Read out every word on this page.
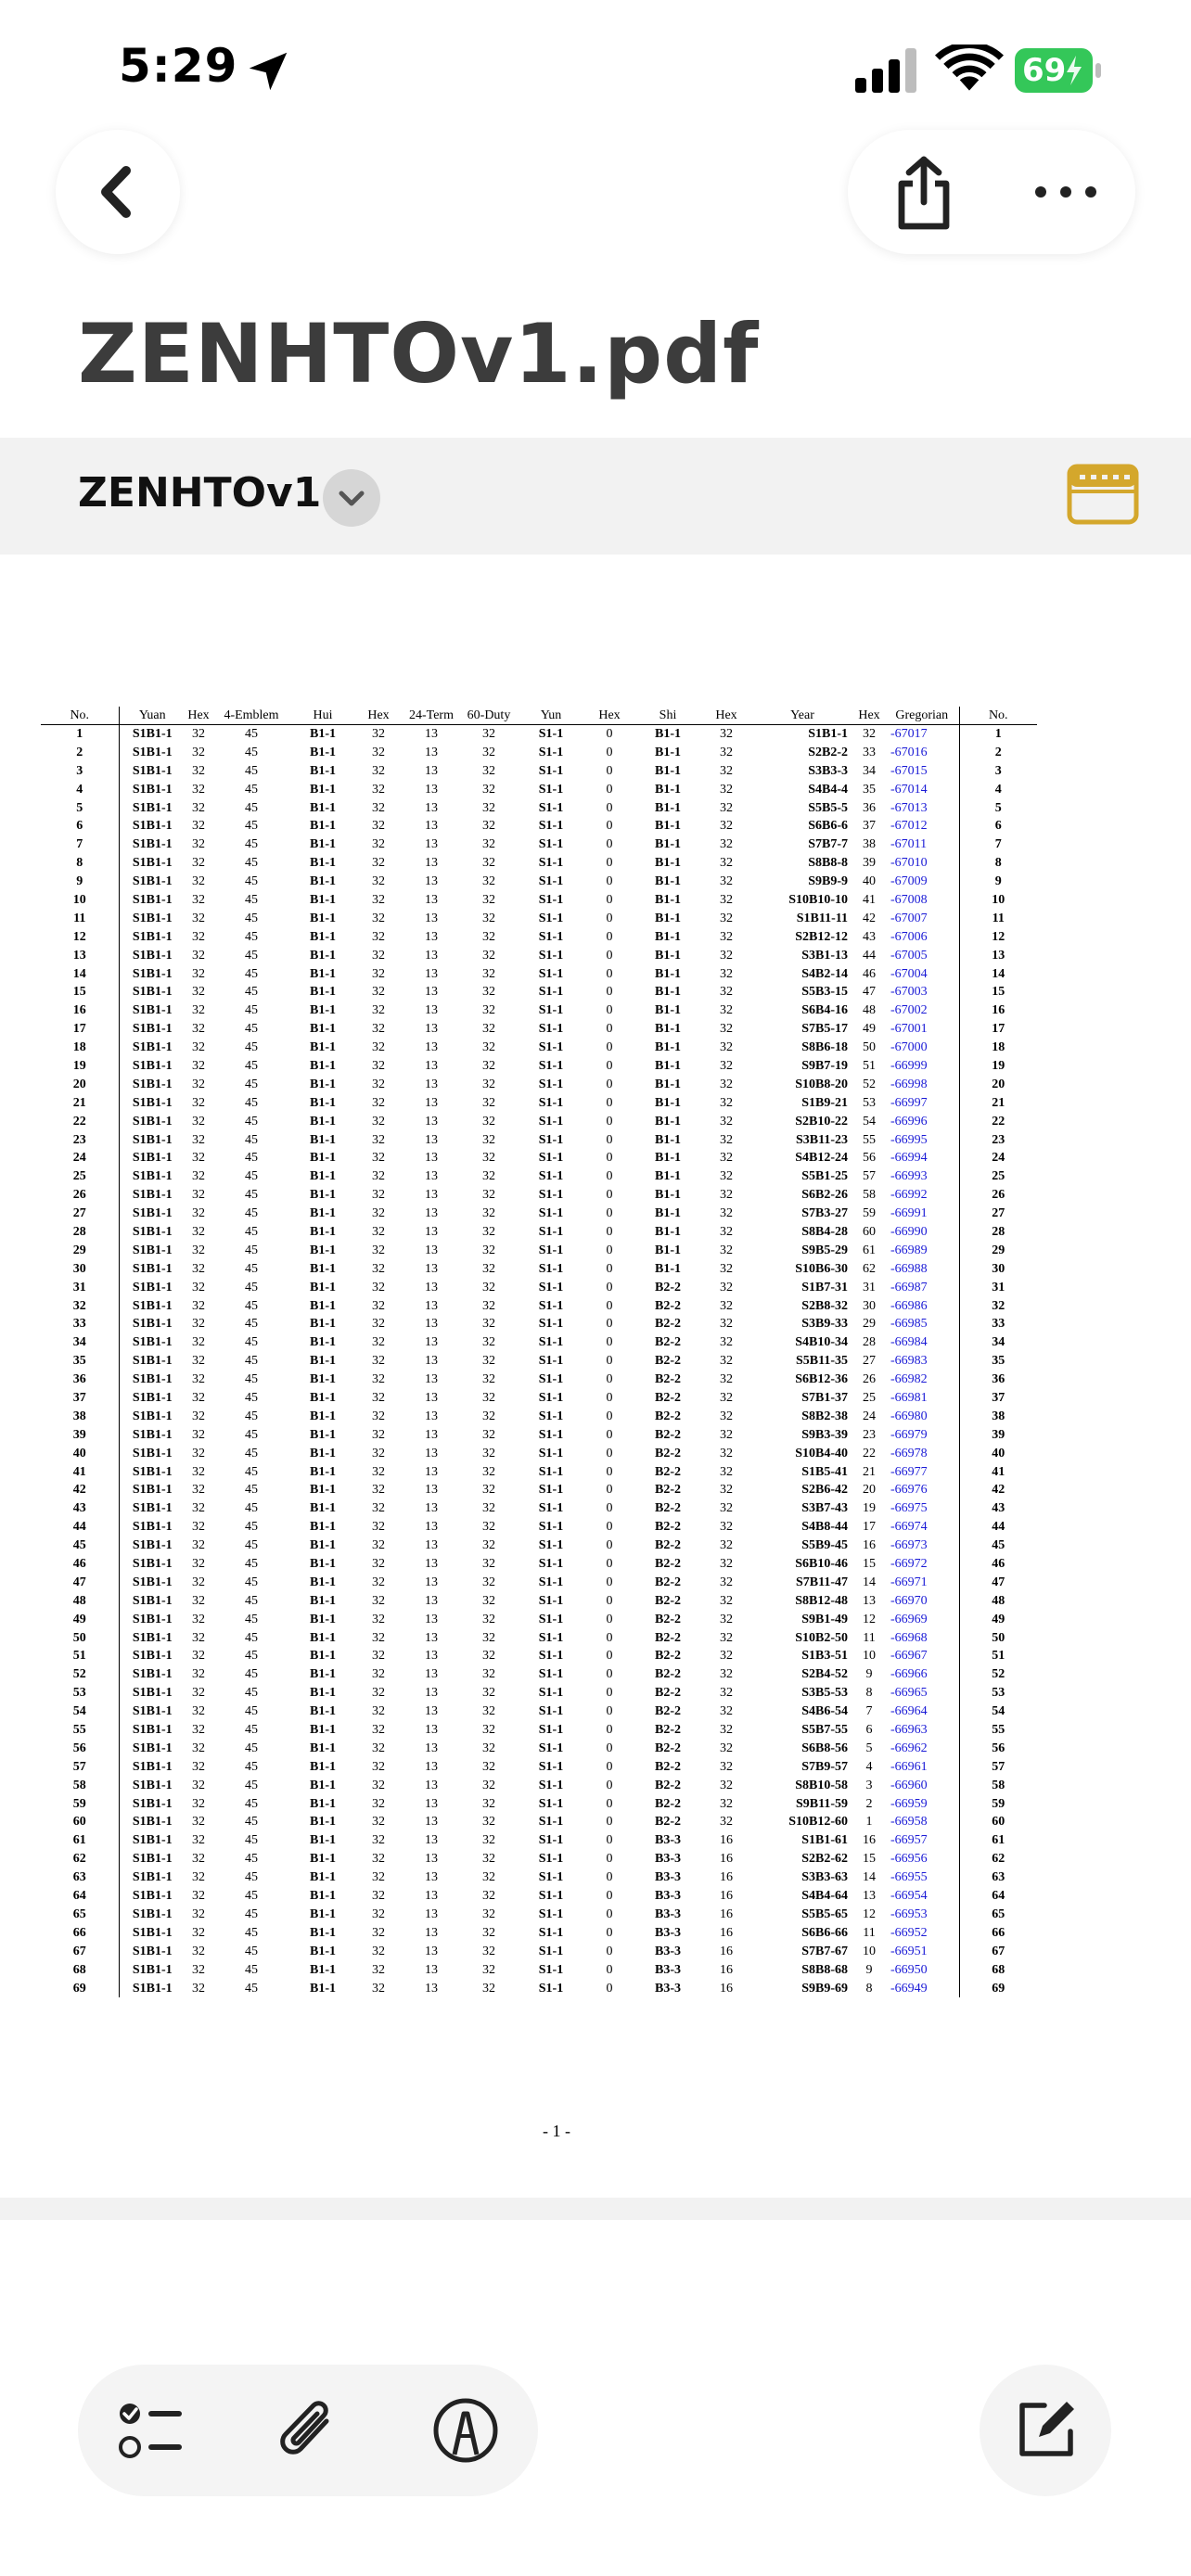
5:29	69
ZENHTOv1.pdf
ZENHTOv1
No.	Yuan	Hex	4-Emblem	Hui	Hex	24-Term	60-Duty	Yun	Hex	Shi	Hex	Year	Hex	Gregorian	No.
1	S1B1-1	32	45	B1-1	32	13	32	S1-1	0	B1-1	32	S1B1-1	32	-67017	1
2	S1B1-1	32	45	B1-1	32	13	32	S1-1	0	B1-1	32	S2B2-2	33	-67016	2
3	S1B1-1	32	45	B1-1	32	13	32	S1-1	0	B1-1	32	S3B3-3	34	-67015	3
4	S1B1-1	32	45	B1-1	32	13	32	S1-1	0	B1-1	32	S4B4-4	35	-67014	4
5	S1B1-1	32	45	B1-1	32	13	32	S1-1	0	B1-1	32	S5B5-5	36	-67013	5
6	S1B1-1	32	45	B1-1	32	13	32	S1-1	0	B1-1	32	S6B6-6	37	-67012	6
7	S1B1-1	32	45	B1-1	32	13	32	S1-1	0	B1-1	32	S7B7-7	38	-67011	7
8	S1B1-1	32	45	B1-1	32	13	32	S1-1	0	B1-1	32	S8B8-8	39	-67010	8
9	S1B1-1	32	45	B1-1	32	13	32	S1-1	0	B1-1	32	S9B9-9	40	-67009	9
10	S1B1-1	32	45	B1-1	32	13	32	S1-1	0	B1-1	32	S10B10-10	41	-67008	10
11	S1B1-1	32	45	B1-1	32	13	32	S1-1	0	B1-1	32	S1B11-11	42	-67007	11
12	S1B1-1	32	45	B1-1	32	13	32	S1-1	0	B1-1	32	S2B12-12	43	-67006	12
13	S1B1-1	32	45	B1-1	32	13	32	S1-1	0	B1-1	32	S3B1-13	44	-67005	13
14	S1B1-1	32	45	B1-1	32	13	32	S1-1	0	B1-1	32	S4B2-14	46	-67004	14
15	S1B1-1	32	45	B1-1	32	13	32	S1-1	0	B1-1	32	S5B3-15	47	-67003	15
16	S1B1-1	32	45	B1-1	32	13	32	S1-1	0	B1-1	32	S6B4-16	48	-67002	16
17	S1B1-1	32	45	B1-1	32	13	32	S1-1	0	B1-1	32	S7B5-17	49	-67001	17
18	S1B1-1	32	45	B1-1	32	13	32	S1-1	0	B1-1	32	S8B6-18	50	-67000	18
19	S1B1-1	32	45	B1-1	32	13	32	S1-1	0	B1-1	32	S9B7-19	51	-66999	19
20	S1B1-1	32	45	B1-1	32	13	32	S1-1	0	B1-1	32	S10B8-20	52	-66998	20
21	S1B1-1	32	45	B1-1	32	13	32	S1-1	0	B1-1	32	S1B9-21	53	-66997	21
22	S1B1-1	32	45	B1-1	32	13	32	S1-1	0	B1-1	32	S2B10-22	54	-66996	22
23	S1B1-1	32	45	B1-1	32	13	32	S1-1	0	B1-1	32	S3B11-23	55	-66995	23
24	S1B1-1	32	45	B1-1	32	13	32	S1-1	0	B1-1	32	S4B12-24	56	-66994	24
25	S1B1-1	32	45	B1-1	32	13	32	S1-1	0	B1-1	32	S5B1-25	57	-66993	25
26	S1B1-1	32	45	B1-1	32	13	32	S1-1	0	B1-1	32	S6B2-26	58	-66992	26
27	S1B1-1	32	45	B1-1	32	13	32	S1-1	0	B1-1	32	S7B3-27	59	-66991	27
28	S1B1-1	32	45	B1-1	32	13	32	S1-1	0	B1-1	32	S8B4-28	60	-66990	28
29	S1B1-1	32	45	B1-1	32	13	32	S1-1	0	B1-1	32	S9B5-29	61	-66989	29
30	S1B1-1	32	45	B1-1	32	13	32	S1-1	0	B1-1	32	S10B6-30	62	-66988	30
31	S1B1-1	32	45	B1-1	32	13	32	S1-1	0	B2-2	32	S1B7-31	31	-66987	31
32	S1B1-1	32	45	B1-1	32	13	32	S1-1	0	B2-2	32	S2B8-32	30	-66986	32
33	S1B1-1	32	45	B1-1	32	13	32	S1-1	0	B2-2	32	S3B9-33	29	-66985	33
34	S1B1-1	32	45	B1-1	32	13	32	S1-1	0	B2-2	32	S4B10-34	28	-66984	34
35	S1B1-1	32	45	B1-1	32	13	32	S1-1	0	B2-2	32	S5B11-35	27	-66983	35
36	S1B1-1	32	45	B1-1	32	13	32	S1-1	0	B2-2	32	S6B12-36	26	-66982	36
37	S1B1-1	32	45	B1-1	32	13	32	S1-1	0	B2-2	32	S7B1-37	25	-66981	37
38	S1B1-1	32	45	B1-1	32	13	32	S1-1	0	B2-2	32	S8B2-38	24	-66980	38
39	S1B1-1	32	45	B1-1	32	13	32	S1-1	0	B2-2	32	S9B3-39	23	-66979	39
40	S1B1-1	32	45	B1-1	32	13	32	S1-1	0	B2-2	32	S10B4-40	22	-66978	40
41	S1B1-1	32	45	B1-1	32	13	32	S1-1	0	B2-2	32	S1B5-41	21	-66977	41
42	S1B1-1	32	45	B1-1	32	13	32	S1-1	0	B2-2	32	S2B6-42	20	-66976	42
43	S1B1-1	32	45	B1-1	32	13	32	S1-1	0	B2-2	32	S3B7-43	19	-66975	43
44	S1B1-1	32	45	B1-1	32	13	32	S1-1	0	B2-2	32	S4B8-44	17	-66974	44
45	S1B1-1	32	45	B1-1	32	13	32	S1-1	0	B2-2	32	S5B9-45	16	-66973	45
46	S1B1-1	32	45	B1-1	32	13	32	S1-1	0	B2-2	32	S6B10-46	15	-66972	46
47	S1B1-1	32	45	B1-1	32	13	32	S1-1	0	B2-2	32	S7B11-47	14	-66971	47
48	S1B1-1	32	45	B1-1	32	13	32	S1-1	0	B2-2	32	S8B12-48	13	-66970	48
49	S1B1-1	32	45	B1-1	32	13	32	S1-1	0	B2-2	32	S9B1-49	12	-66969	49
50	S1B1-1	32	45	B1-1	32	13	32	S1-1	0	B2-2	32	S10B2-50	11	-66968	50
51	S1B1-1	32	45	B1-1	32	13	32	S1-1	0	B2-2	32	S1B3-51	10	-66967	51
52	S1B1-1	32	45	B1-1	32	13	32	S1-1	0	B2-2	32	S2B4-52	9	-66966	52
53	S1B1-1	32	45	B1-1	32	13	32	S1-1	0	B2-2	32	S3B5-53	8	-66965	53
54	S1B1-1	32	45	B1-1	32	13	32	S1-1	0	B2-2	32	S4B6-54	7	-66964	54
55	S1B1-1	32	45	B1-1	32	13	32	S1-1	0	B2-2	32	S5B7-55	6	-66963	55
56	S1B1-1	32	45	B1-1	32	13	32	S1-1	0	B2-2	32	S6B8-56	5	-66962	56
57	S1B1-1	32	45	B1-1	32	13	32	S1-1	0	B2-2	32	S7B9-57	4	-66961	57
58	S1B1-1	32	45	B1-1	32	13	32	S1-1	0	B2-2	32	S8B10-58	3	-66960	58
59	S1B1-1	32	45	B1-1	32	13	32	S1-1	0	B2-2	32	S9B11-59	2	-66959	59
60	S1B1-1	32	45	B1-1	32	13	32	S1-1	0	B2-2	32	S10B12-60	1	-66958	60
61	S1B1-1	32	45	B1-1	32	13	32	S1-1	0	B3-3	16	S1B1-61	16	-66957	61
62	S1B1-1	32	45	B1-1	32	13	32	S1-1	0	B3-3	16	S2B2-62	15	-66956	62
63	S1B1-1	32	45	B1-1	32	13	32	S1-1	0	B3-3	16	S3B3-63	14	-66955	63
64	S1B1-1	32	45	B1-1	32	13	32	S1-1	0	B3-3	16	S4B4-64	13	-66954	64
65	S1B1-1	32	45	B1-1	32	13	32	S1-1	0	B3-3	16	S5B5-65	12	-66953	65
66	S1B1-1	32	45	B1-1	32	13	32	S1-1	0	B3-3	16	S6B6-66	11	-66952	66
67	S1B1-1	32	45	B1-1	32	13	32	S1-1	0	B3-3	16	S7B7-67	10	-66951	67
68	S1B1-1	32	45	B1-1	32	13	32	S1-1	0	B3-3	16	S8B8-68	9	-66950	68
69	S1B1-1	32	45	B1-1	32	13	32	S1-1	0	B3-3	16	S9B9-69	8	-66949	69
- 1 -
